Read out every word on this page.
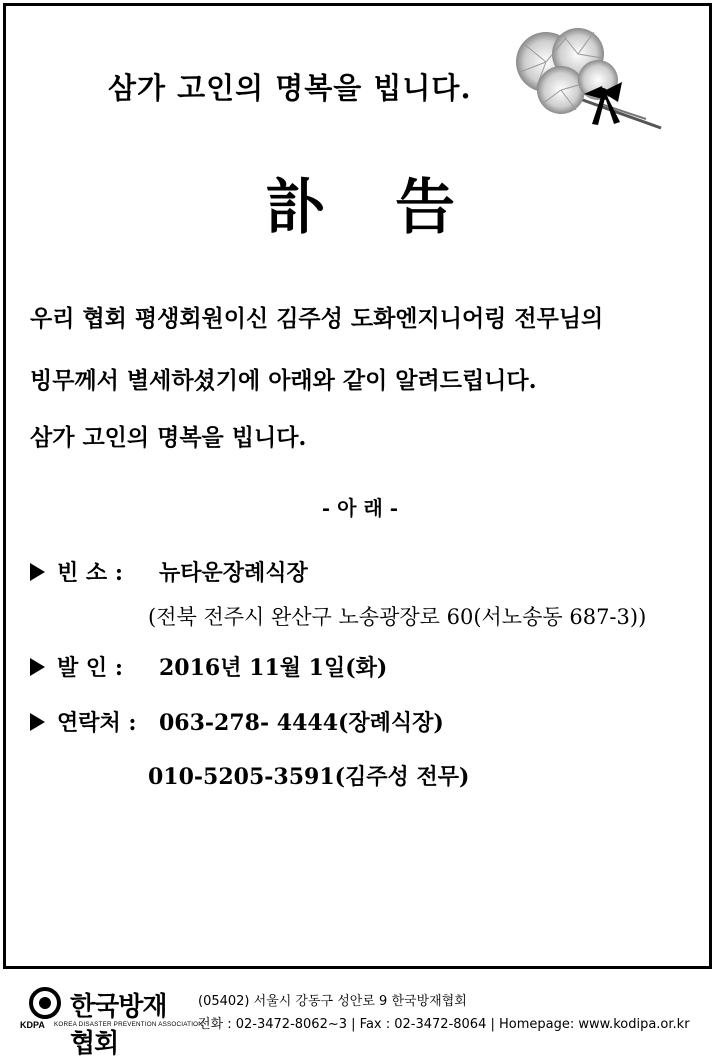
삼가 고인의 명복을 빕니다.
訃告
우리 협회 평생회원이신 김주성 도화엔지니어링 전무님의
빙무께서 별세하셨기에 아래와 같이 알려드립니다.
삼가 고인의 명복을 빕니다.
- 아 래 -
빈 소 :	뉴타운장례식장
(전북 전주시 완산구 노송광장로 60(서노송동 687-3))
발 인 :	2016년 11월 1일(화)
연락처 :	063-278- 4444(장례식장)
010-5205-3591(김주성 전무)
한국방재협회
KDPA KOREA DISASTER PREVENTION ASSOCIATION
(05402) 서울시 강동구 성안로 9 한국방재협회
전화 : 02-3472-8062~3 | Fax : 02-3472-8064 | Homepage: www.kodipa.or.kr
